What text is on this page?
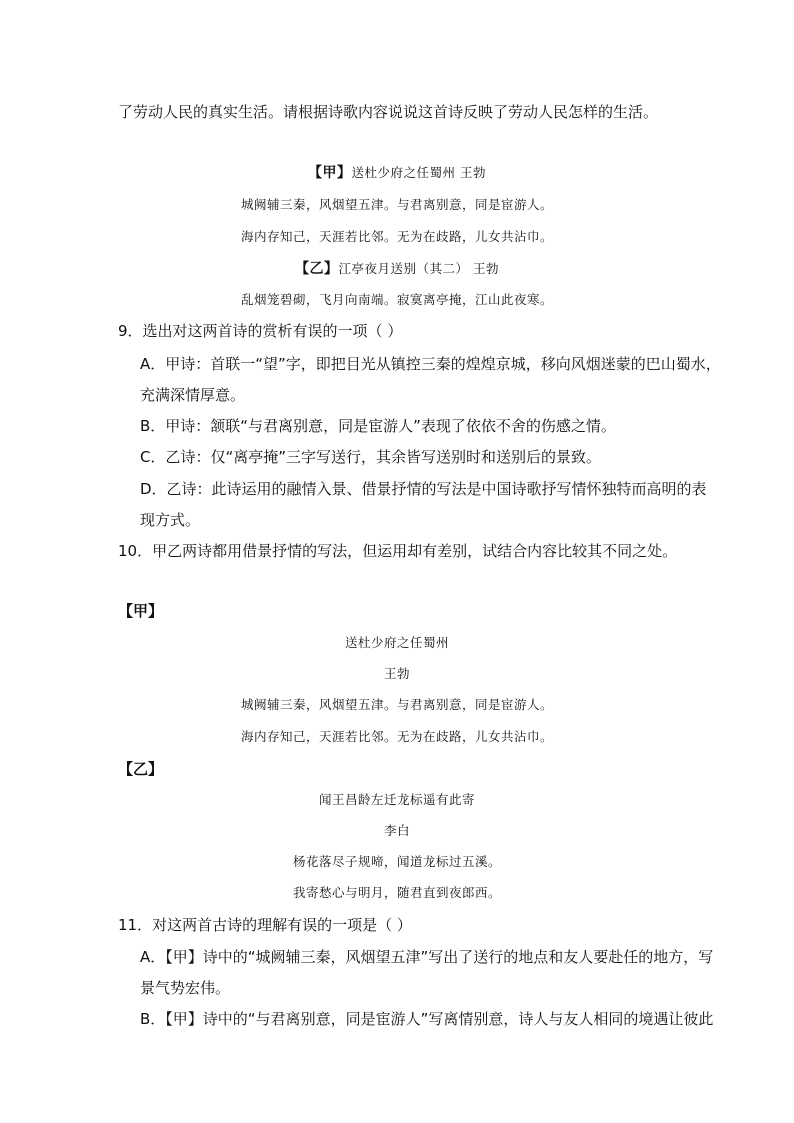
了劳动人民的真实生活。请根据诗歌内容说说这首诗反映了劳动人民怎样的生活。
【甲】送杜少府之任蜀州 王勃
城阙辅三秦，风烟望五津。与君离别意，同是宦游人。
海内存知己，天涯若比邻。无为在歧路，儿女共沾巾。
【乙】江亭夜月送别（其二） 王勃
乱烟笼碧砌，飞月向南端。寂寞离亭掩，江山此夜寒。
9．选出对这两首诗的赏析有误的一项（ ）
A．甲诗：首联一“望”字，即把目光从镇控三秦的煌煌京城，移向风烟迷蒙的巴山蜀水，
充满深情厚意。
B．甲诗：颔联“与君离别意，同是宦游人”表现了依依不舍的伤感之情。
C．乙诗：仅“离亭掩”三字写送行，其余皆写送别时和送别后的景致。
D．乙诗：此诗运用的融情入景、借景抒情的写法是中国诗歌抒写情怀独特而高明的表
现方式。
10．甲乙两诗都用借景抒情的写法，但运用却有差别，试结合内容比较其不同之处。
【甲】
送杜少府之任蜀州
王勃
城阙辅三秦，风烟望五津。与君离别意，同是宦游人。
海内存知己，天涯若比邻。无为在歧路，儿女共沾巾。
【乙】
闻王昌龄左迁龙标遥有此寄
李白
杨花落尽子规啼，闻道龙标过五溪。
我寄愁心与明月，随君直到夜郎西。
11．对这两首古诗的理解有误的一项是（ ）
A．【甲】诗中的“城阙辅三秦，风烟望五津”写出了送行的地点和友人要赴任的地方，写
景气势宏伟。
B．【甲】诗中的“与君离别意，同是宦游人”写离情别意，诗人与友人相同的境遇让彼此
